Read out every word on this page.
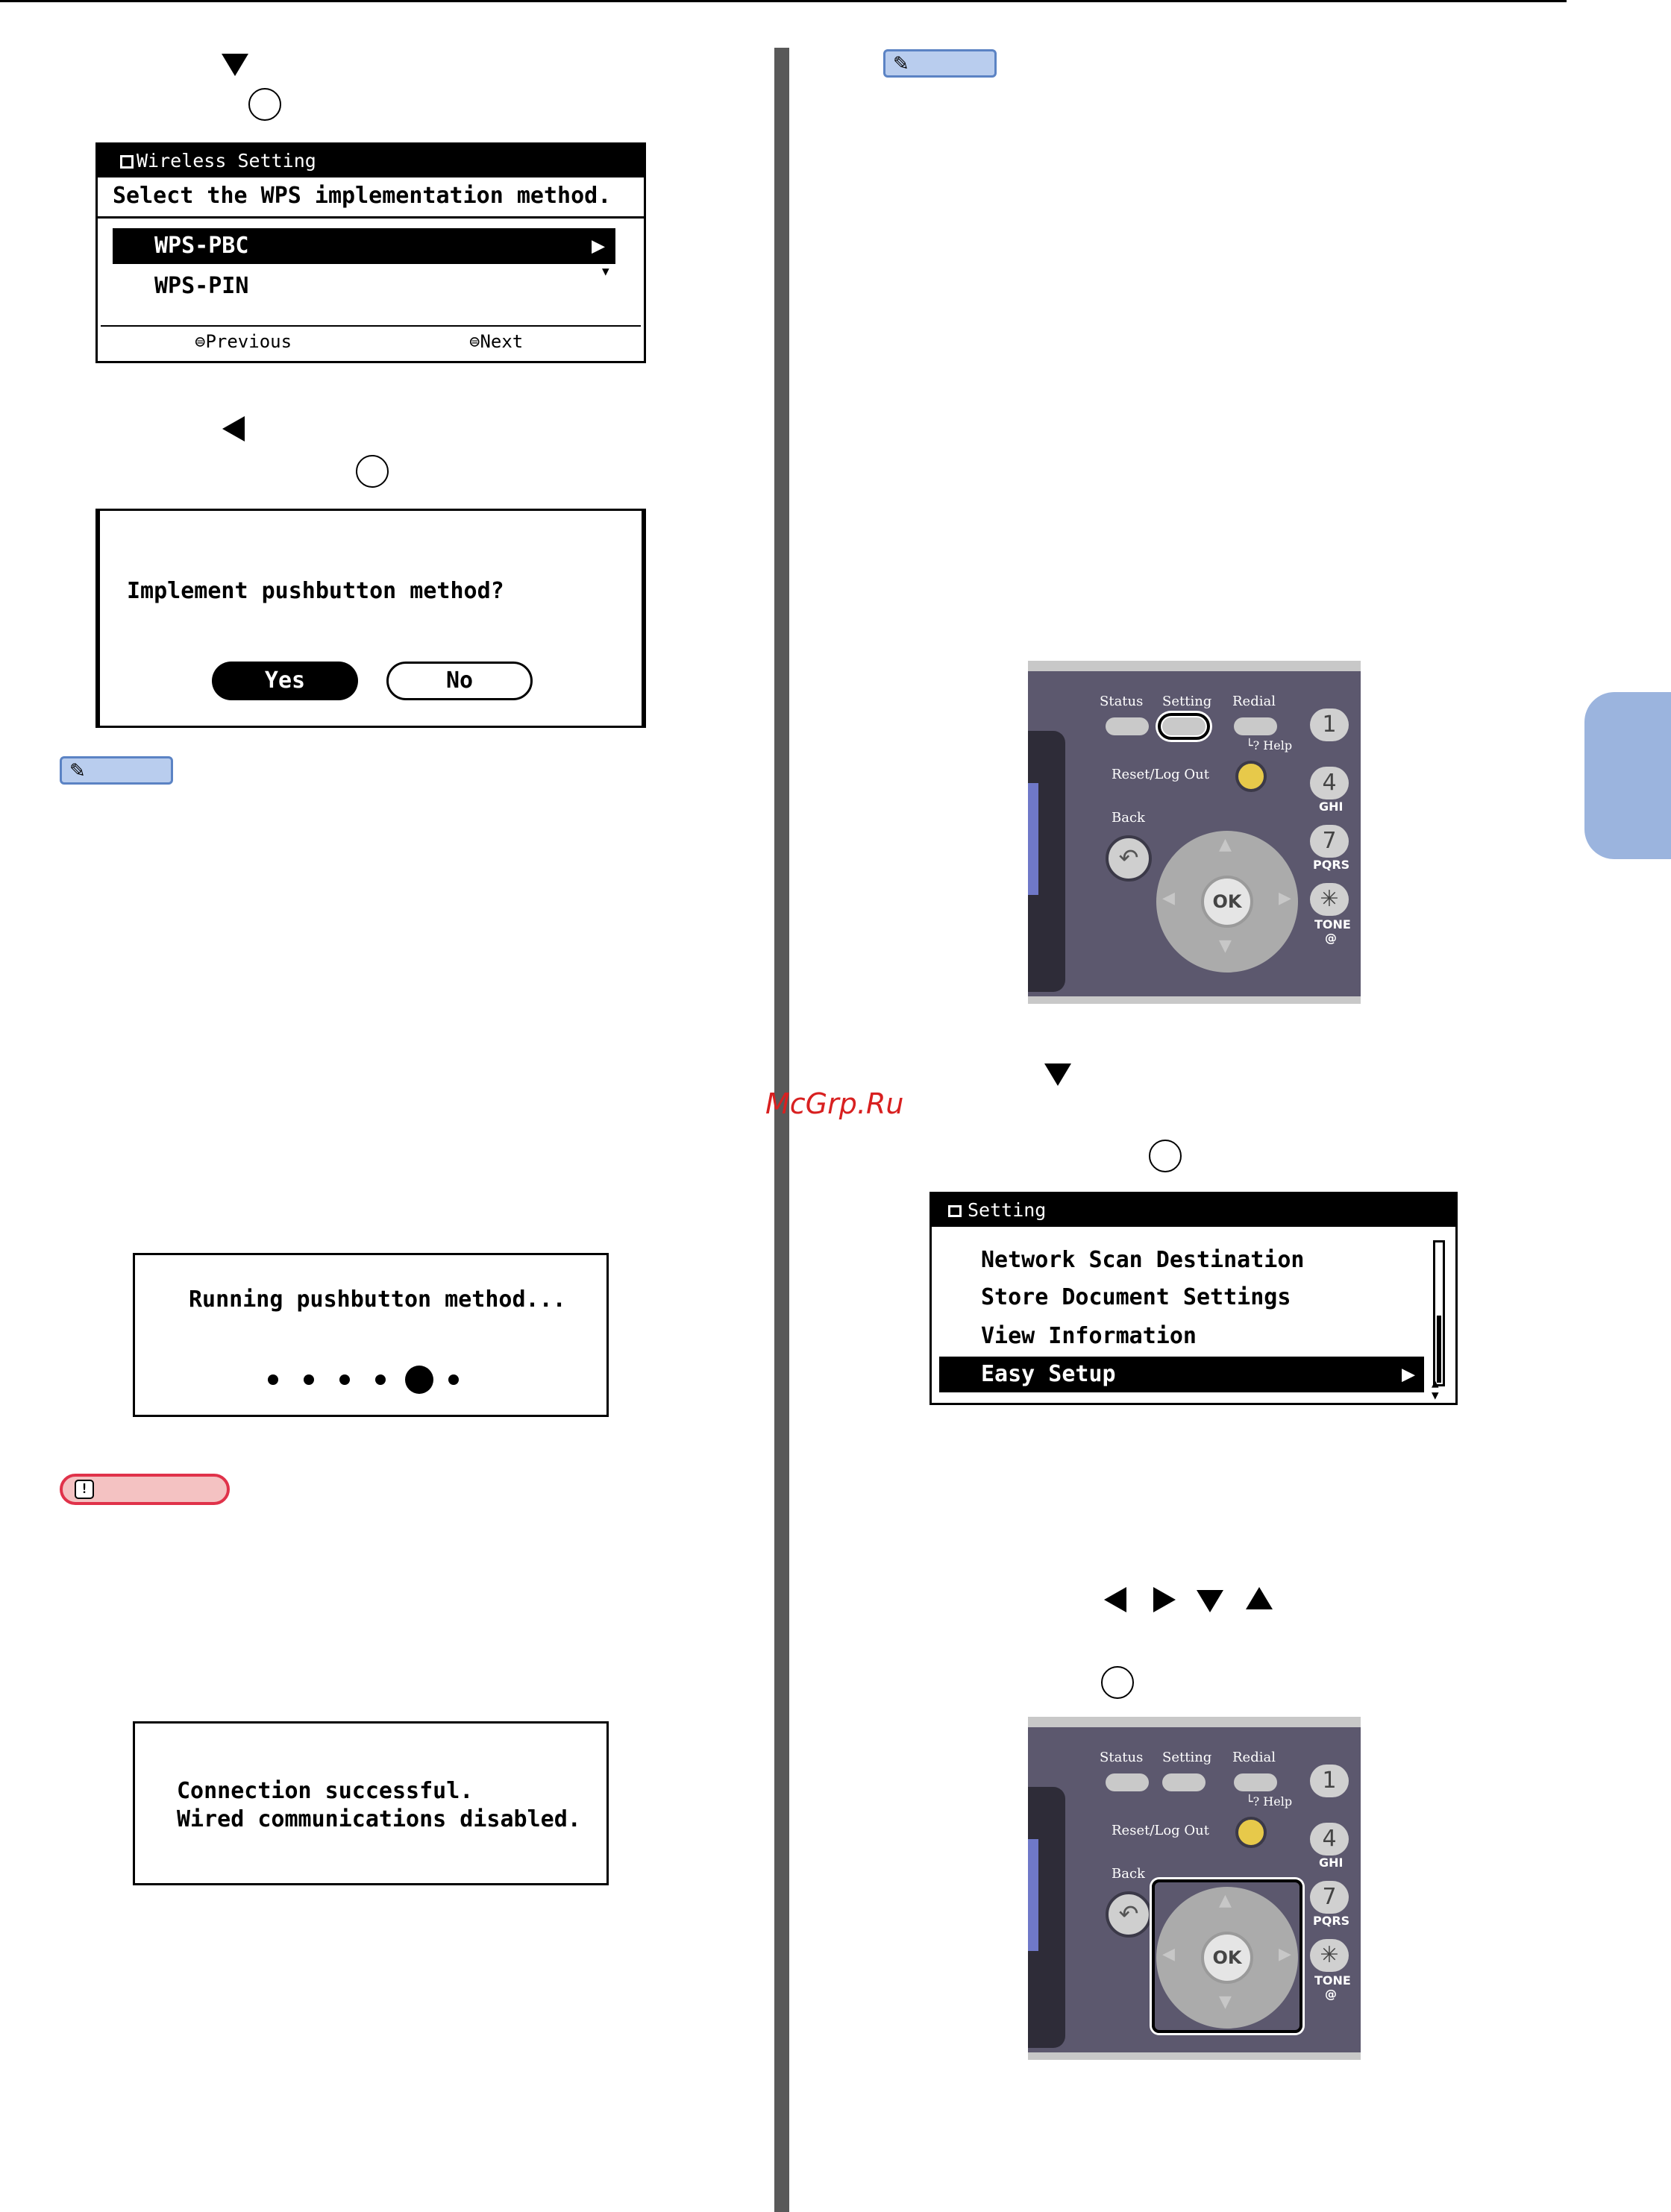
Wireless Setting
Select the WPS implementation method.
WPS-PBC	▶
▼
WPS-PIN
⊜Previous	⊜Next
Implement pushbutton method?
Yes	No
✎
Running pushbutton method...
!
Connection successful.
Wired communications disabled.
McGrp.Ru
✎
Status Setting Redial
└? Help
Reset/Log Out
Back
↶	▲
▼
◀	▶
OK
1
4
GHI
7
PQRS
✳
TONE
@
Setting
Network Scan Destination
Store Document Settings
View Information
Easy Setup	▶ ▲
▼
Status Setting Redial
└? Help
Reset/Log Out
Back
↶	▲
▼
◀	▶
OK
1
4
GHI
7
PQRS
✳
TONE
@
